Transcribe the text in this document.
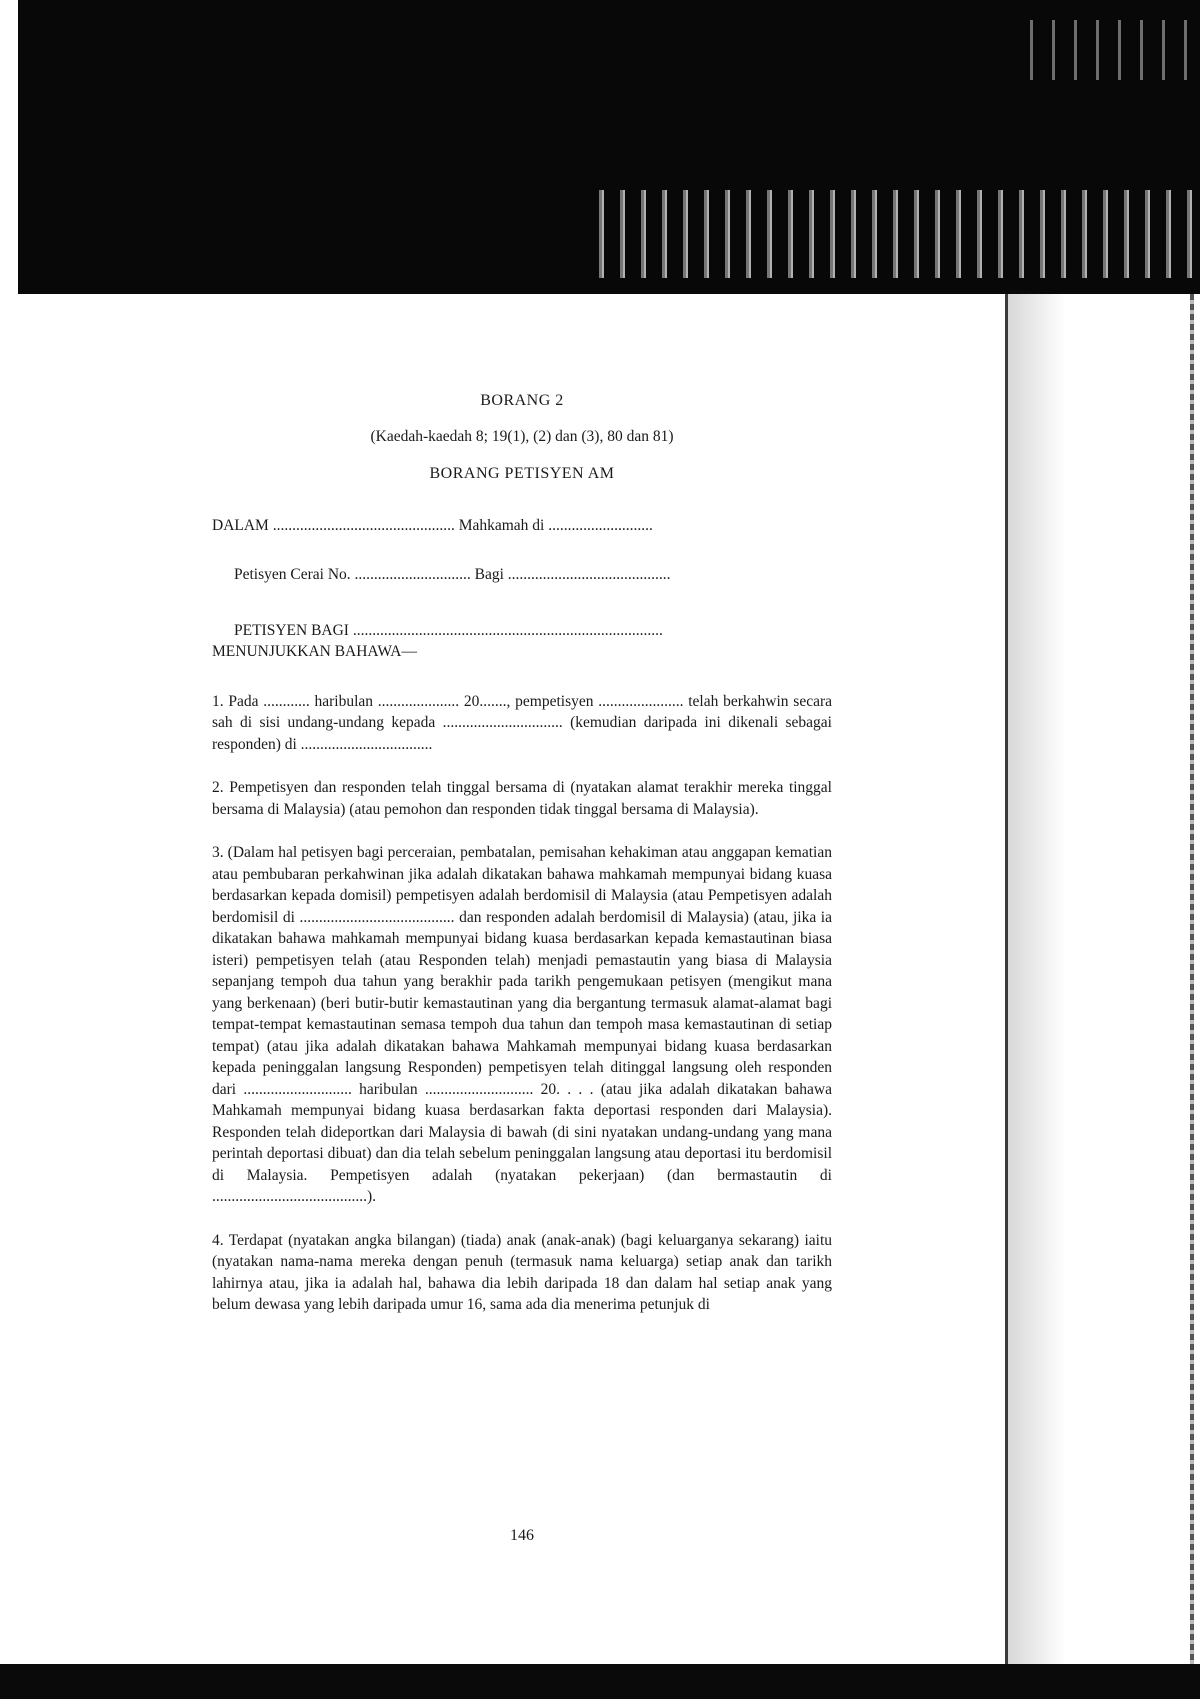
BORANG 2
(Kaedah-kaedah 8; 19(1), (2) dan (3), 80 dan 81)
BORANG PETISYEN AM
DALAM ............................................... Mahkamah di ...........................
Petisyen Cerai No. .............................. Bagi ..........................................
PETISYEN BAGI ................................................................................
MENUNJUKKAN BAHAWA—

1. Pada ............ haribulan ..................... 20......., pempetisyen ...................... telah berkahwin secara sah di sisi undang-undang kepada ............................... (kemudian daripada ini dikenali sebagai responden) di ..................................

2. Pempetisyen dan responden telah tinggal bersama di (nyatakan alamat terakhir mereka tinggal bersama di Malaysia) (atau pemohon dan responden tidak tinggal bersama di Malaysia).

3. (Dalam hal petisyen bagi perceraian, pembatalan, pemisahan kehakiman atau anggapan kematian atau pembubaran perkahwinan jika adalah dikatakan bahawa mahkamah mempunyai bidang kuasa berdasarkan kepada domisil) pempetisyen adalah berdomisil di Malaysia (atau Pempetisyen adalah berdomisil di ........................................ dan responden adalah berdomisil di Malaysia) (atau, jika ia dikatakan bahawa mahkamah mempunyai bidang kuasa berdasarkan kepada kemastautinan biasa isteri) pempetisyen telah (atau Responden telah) menjadi pemastautin yang biasa di Malaysia sepanjang tempoh dua tahun yang berakhir pada tarikh pengemukaan petisyen (mengikut mana yang berkenaan) (beri butir-butir kemastautinan yang dia bergantung termasuk alamat-alamat bagi tempat-tempat kemastautinan semasa tempoh dua tahun dan tempoh masa kemastautinan di setiap tempat) (atau jika adalah dikatakan bahawa Mahkamah mempunyai bidang kuasa berdasarkan kepada peninggalan langsung Responden) pempetisyen telah ditinggal langsung oleh responden dari ............................ haribulan ............................ 20. . . . (atau jika adalah dikatakan bahawa Mahkamah mempunyai bidang kuasa berdasarkan fakta deportasi responden dari Malaysia). Responden telah dideportkan dari Malaysia di bawah (di sini nyatakan undang-undang yang mana perintah deportasi dibuat) dan dia telah sebelum peninggalan langsung atau deportasi itu berdomisil di Malaysia. Pempetisyen adalah (nyatakan pekerjaan) (dan bermastautin di ........................................).

4. Terdapat (nyatakan angka bilangan) (tiada) anak (anak-anak) (bagi keluarganya sekarang) iaitu (nyatakan nama-nama mereka dengan penuh (termasuk nama keluarga) setiap anak dan tarikh lahirnya atau, jika ia adalah hal, bahawa dia lebih daripada 18 dan dalam hal setiap anak yang belum dewasa yang lebih daripada umur 16, sama ada dia menerima petunjuk di

146
